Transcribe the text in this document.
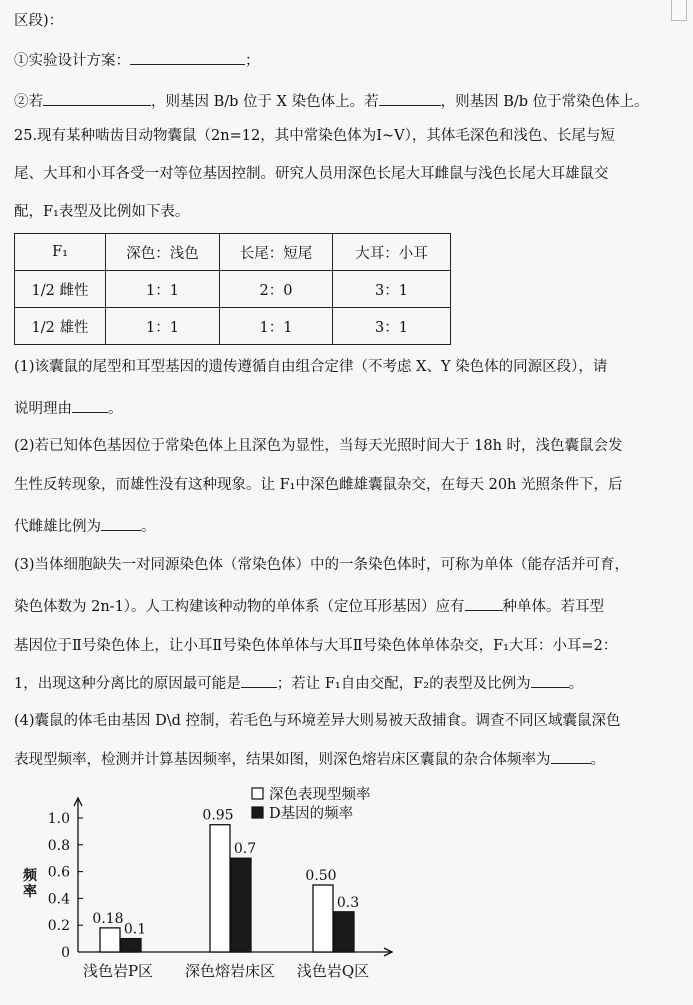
区段)：
①实验设计方案：	；
②若	，则基因 B/b 位于 X 染色体上。若	，则基因 B/b 位于常染色体上。
25.现有某种啮齿目动物囊鼠（2n=12，其中常染色体为Ⅰ~Ⅴ），其体毛深色和浅色、长尾与短
尾、大耳和小耳各受一对等位基因控制。研究人员用深色长尾大耳雌鼠与浅色长尾大耳雄鼠交
配，F₁表型及比例如下表。
F₁	深色：浅色	长尾：短尾	大耳：小耳
1/2 雌性	1：1	2：0	3：1
1/2 雄性	1：1	1：1	3：1
(1)该囊鼠的尾型和耳型基因的遗传遵循自由组合定律（不考虑 X、Y 染色体的同源区段），请
说明理由 。
(2)若已知体色基因位于常染色体上且深色为显性，当每天光照时间大于 18h 时，浅色囊鼠会发
生性反转现象，而雄性没有这种现象。让 F₁中深色雌雄囊鼠杂交，在每天 20h 光照条件下，后
代雌雄比例为	。
(3)当体细胞缺失一对同源染色体（常染色体）中的一条染色体时，可称为单体（能存活并可育，
染色体数为 2n-1）。人工构建该种动物的单体系（定位耳形基因）应有	种单体。若耳型
基因位于Ⅱ号染色体上，让小耳Ⅱ号染色体单体与大耳Ⅱ号染色体单体杂交，F₁大耳：小耳=2：
1，出现这种分离比的原因最可能是 ；若让 F₁自由交配，F₂的表型及比例为	。
(4)囊鼠的体毛由基因 D\d 控制，若毛色与环境差异大则易被天敌捕食。调查不同区域囊鼠深色
表现型频率，检测并计算基因频率，结果如图，则深色熔岩床区囊鼠的杂合体频率为	。
0
0.2
0.4
0.6
0.8
1.0
频
率
0.18
0.1
浅色岩P区
0.95
0.7
深色熔岩床区
0.50
0.3
浅色岩Q区
深色表现型频率
D基因的频率
